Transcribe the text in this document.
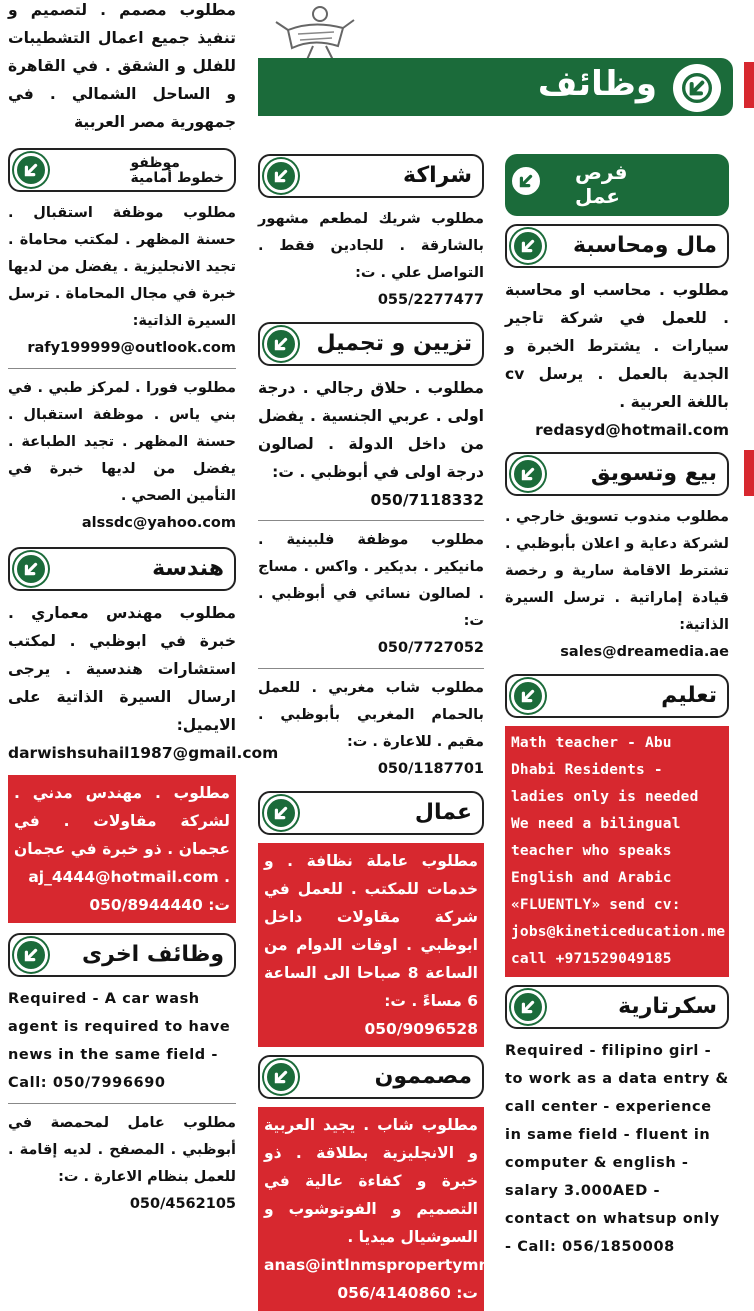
وظائف
مطلوب مصمم . لتصميم و تنفيذ جميع اعمال التشطيبات للفلل و الشقق . في القاهرة و الساحل الشمالي . في جمهورية مصر العربية
موظفو
خطوط أمامية
مطلوب موظفة استقبال . حسنة المظهر . لمكتب محاماة . تجيد الانجليزية . يفضل من لديها خبرة في مجال المحاماة . ترسل السيرة الذاتية:
rafy199999@outlook.com
مطلوب فورا . لمركز طبي . في بني ياس . موظفة استقبال . حسنة المظهر . تجيد الطباعة . يفضل من لديها خبرة في التأمين الصحي .
alssdc@yahoo.com
هندسة
مطلوب مهندس معماري . خبرة في ابوظبي . لمكتب استشارات هندسية . يرجى ارسال السيرة الذاتية على الايميل:
darwishsuhail1987@gmail.com
مطلوب . مهندس مدني . لشركة مقاولات . في عجمان . ذو خبرة في عجمان . aj_4444@hotmail.com
ت: 050/8944440
وظائف اخرى
Required - A car wash agent is required to have news in the same field - Call: 050/7996690
مطلوب عامل لمحمصة في أبوظبي . المصفح . لديه إقامة . للعمل بنظام الاعارة . ت:
050/4562105
شراكة
مطلوب شريك لمطعم مشهور بالشارقة . للجادين فقط . التواصل علي . ت:
055/2277477
تزيين و تجميل
مطلوب . حلاق رجالي . درجة اولى . عربي الجنسية . يفضل من داخل الدولة . لصالون درجة اولى في أبوظبي . ت:
050/7118332
مطلوب موظفة فلبينية . مانيكير . بديكير . واكس . مساج . لصالون نسائي في أبوظبي . ت:
050/7727052
مطلوب شاب مغربي . للعمل بالحمام المغربي بأبوظبي . مقيم . للاعارة . ت:
050/1187701
عمال
مطلوب عاملة نظافة . و خدمات للمكتب . للعمل في شركة مقاولات داخل ابوظبي . اوقات الدوام من الساعة 8 صباحا الى الساعة 6 مساءً . ت:
050/9096528
مصممون
مطلوب شاب . يجيد العربية و الانجليزية بطلاقة . ذو خبرة و كفاءة عالية في التصميم و الفوتوشوب و السوشيال ميديا .
anas@intlnmspropertymngt.com
ت: 056/4140860
فرص
عمل
مال ومحاسبة
مطلوب . محاسب او محاسبة . للعمل في شركة تاجير سيارات . يشترط الخبرة و الجدية بالعمل . يرسل cv باللغة العربية .
redasyd@hotmail.com
بيع وتسويق
مطلوب مندوب تسويق خارجي . لشركة دعاية و اعلان بأبوظبي . تشترط الاقامة سارية و رخصة قيادة إماراتية . ترسل السيرة الذاتية:
sales@dreamedia.ae
تعليم
Math teacher - Abu Dhabi Residents - ladies only is needed We need a bilingual teacher who speaks English and Arabic «FLUENTLY» send cv: jobs@kineticeducation.me call +971529049185
سكرتارية
Required - filipino girl - to work as a data entry & call center - experience in same field - fluent in computer & english - salary 3.000AED - contact on whatsup only - Call: 056/1850008
